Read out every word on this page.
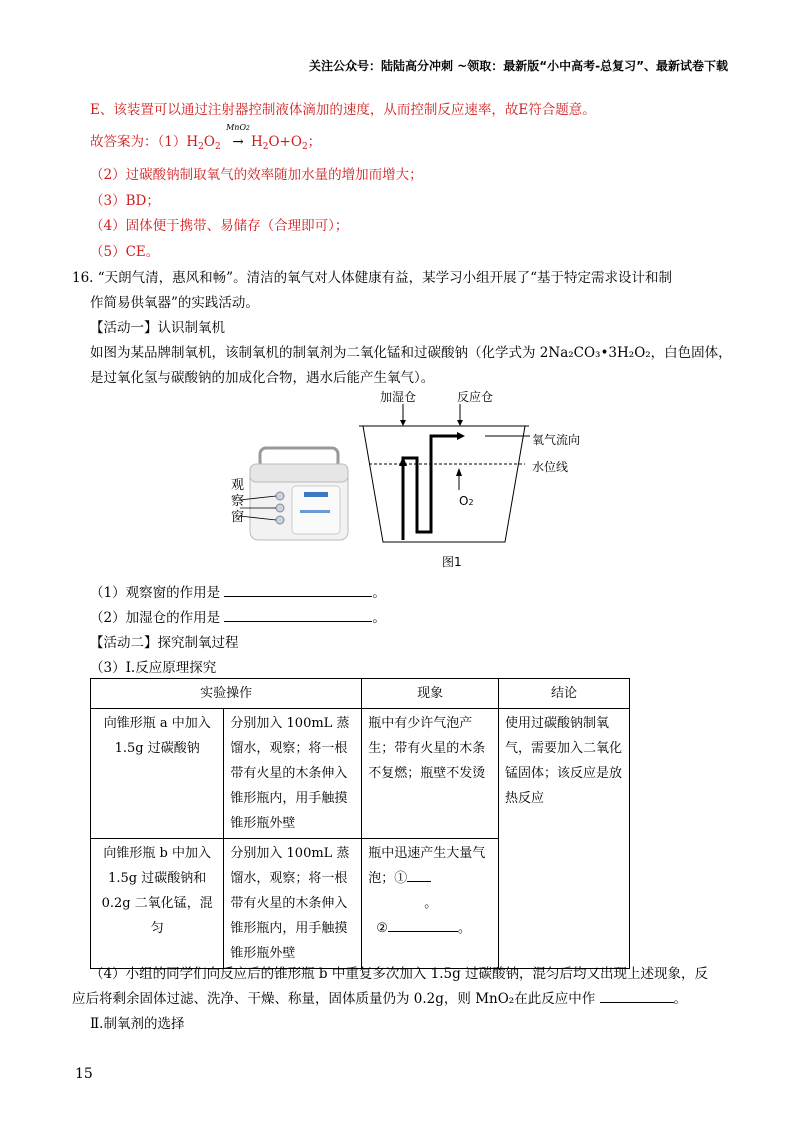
关注公众号：陆陆高分冲刺 ~领取：最新版“小中高考-总复习”、最新试卷下载
E、该装置可以通过注射器控制液体滴加的速度，从而控制反应速率，故E符合题意。
故答案为：$(1)H_2O_2$
MnO2
→ $H_2O+O_2$；
（2）过碳酸钠制取氧气的效率随加水量的增加而增大；
（3）BD；
（4）固体便于携带、易储存（合理即可）；
（5）CE。
16. “天朗气清，惠风和畅”。清洁的氧气对人体健康有益，某学习小组开展了“基于特定需求设计和制
作简易供氧器”的实践活动。
【活动一】认识制氧机
如图为某品牌制氧机，该制氧机的制氧剂为二氧化锰和过碳酸钠（化学式为 2Na₂CO₃•3H₂O₂，白色固体，
是过氧化氢与碳酸钠的加成化合物，遇水后能产生氧气）。
观察窗
加湿仓	反应仓
氧气流向
水位线
O2
图1
（1）观察窗的作用是	。
（2）加湿仓的作用是	。
【活动二】探究制氧过程
（3）Ⅰ.反应原理探究
实验操作		现象	结论
向锥形瓶 a 中加入 1.5g 过碳酸钠	分别加入 100mL 蒸馏水，观察；将一根带有火星的木条伸入锥形瓶内，用手触摸锥形瓶外壁	瓶中有少许气泡产生；带有火星的木条不复燃；瓶壁不发烫	使用过碳酸钠制氧气，需要加入二氧化锰固体；该反应是放热反应
向锥形瓶 b 中加入 1.5g 过碳酸钠和 0.2g 二氧化锰，混匀	分别加入 100mL 蒸馏水，观察；将一根带有火星的木条伸入锥形瓶内，用手触摸锥形瓶外壁	瓶中迅速产生大量气泡；①
。
② 。	
（4）小组的同学们向反应后的锥形瓶 b 中重复多次加入 1.5g 过碳酸钠，混匀后均又出现上述现象，反
应后将剩余固体过滤、洗净、干燥、称量，固体质量仍为 0.2g，则 MnO₂在此反应中作	。
Ⅱ.制氧剂的选择
15
